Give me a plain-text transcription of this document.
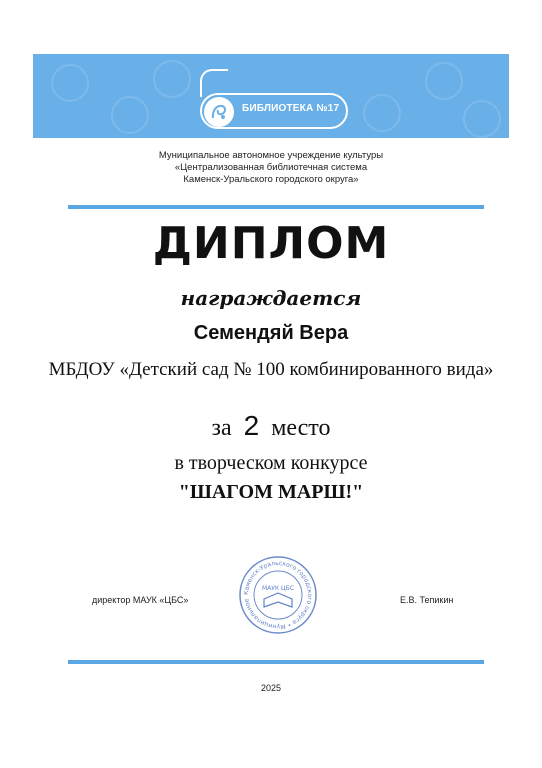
БИБЛИОТЕКА №17
Муниципальное автономное учреждение культуры
«Централизованная библиотечная система
Каменск-Уральского городского округа»
ДИПЛОМ
награждается
Семендяй Вера
МБДОУ «Детский сад № 100 комбинированного вида»
за 2 место
в творческом конкурсе
"ШАГОМ МАРШ!"
директор МАУК «ЦБС»
Каменск-Уральского городского округа • Муниципальное
МАУК ЦБС
Е.В. Тепикин
2025
